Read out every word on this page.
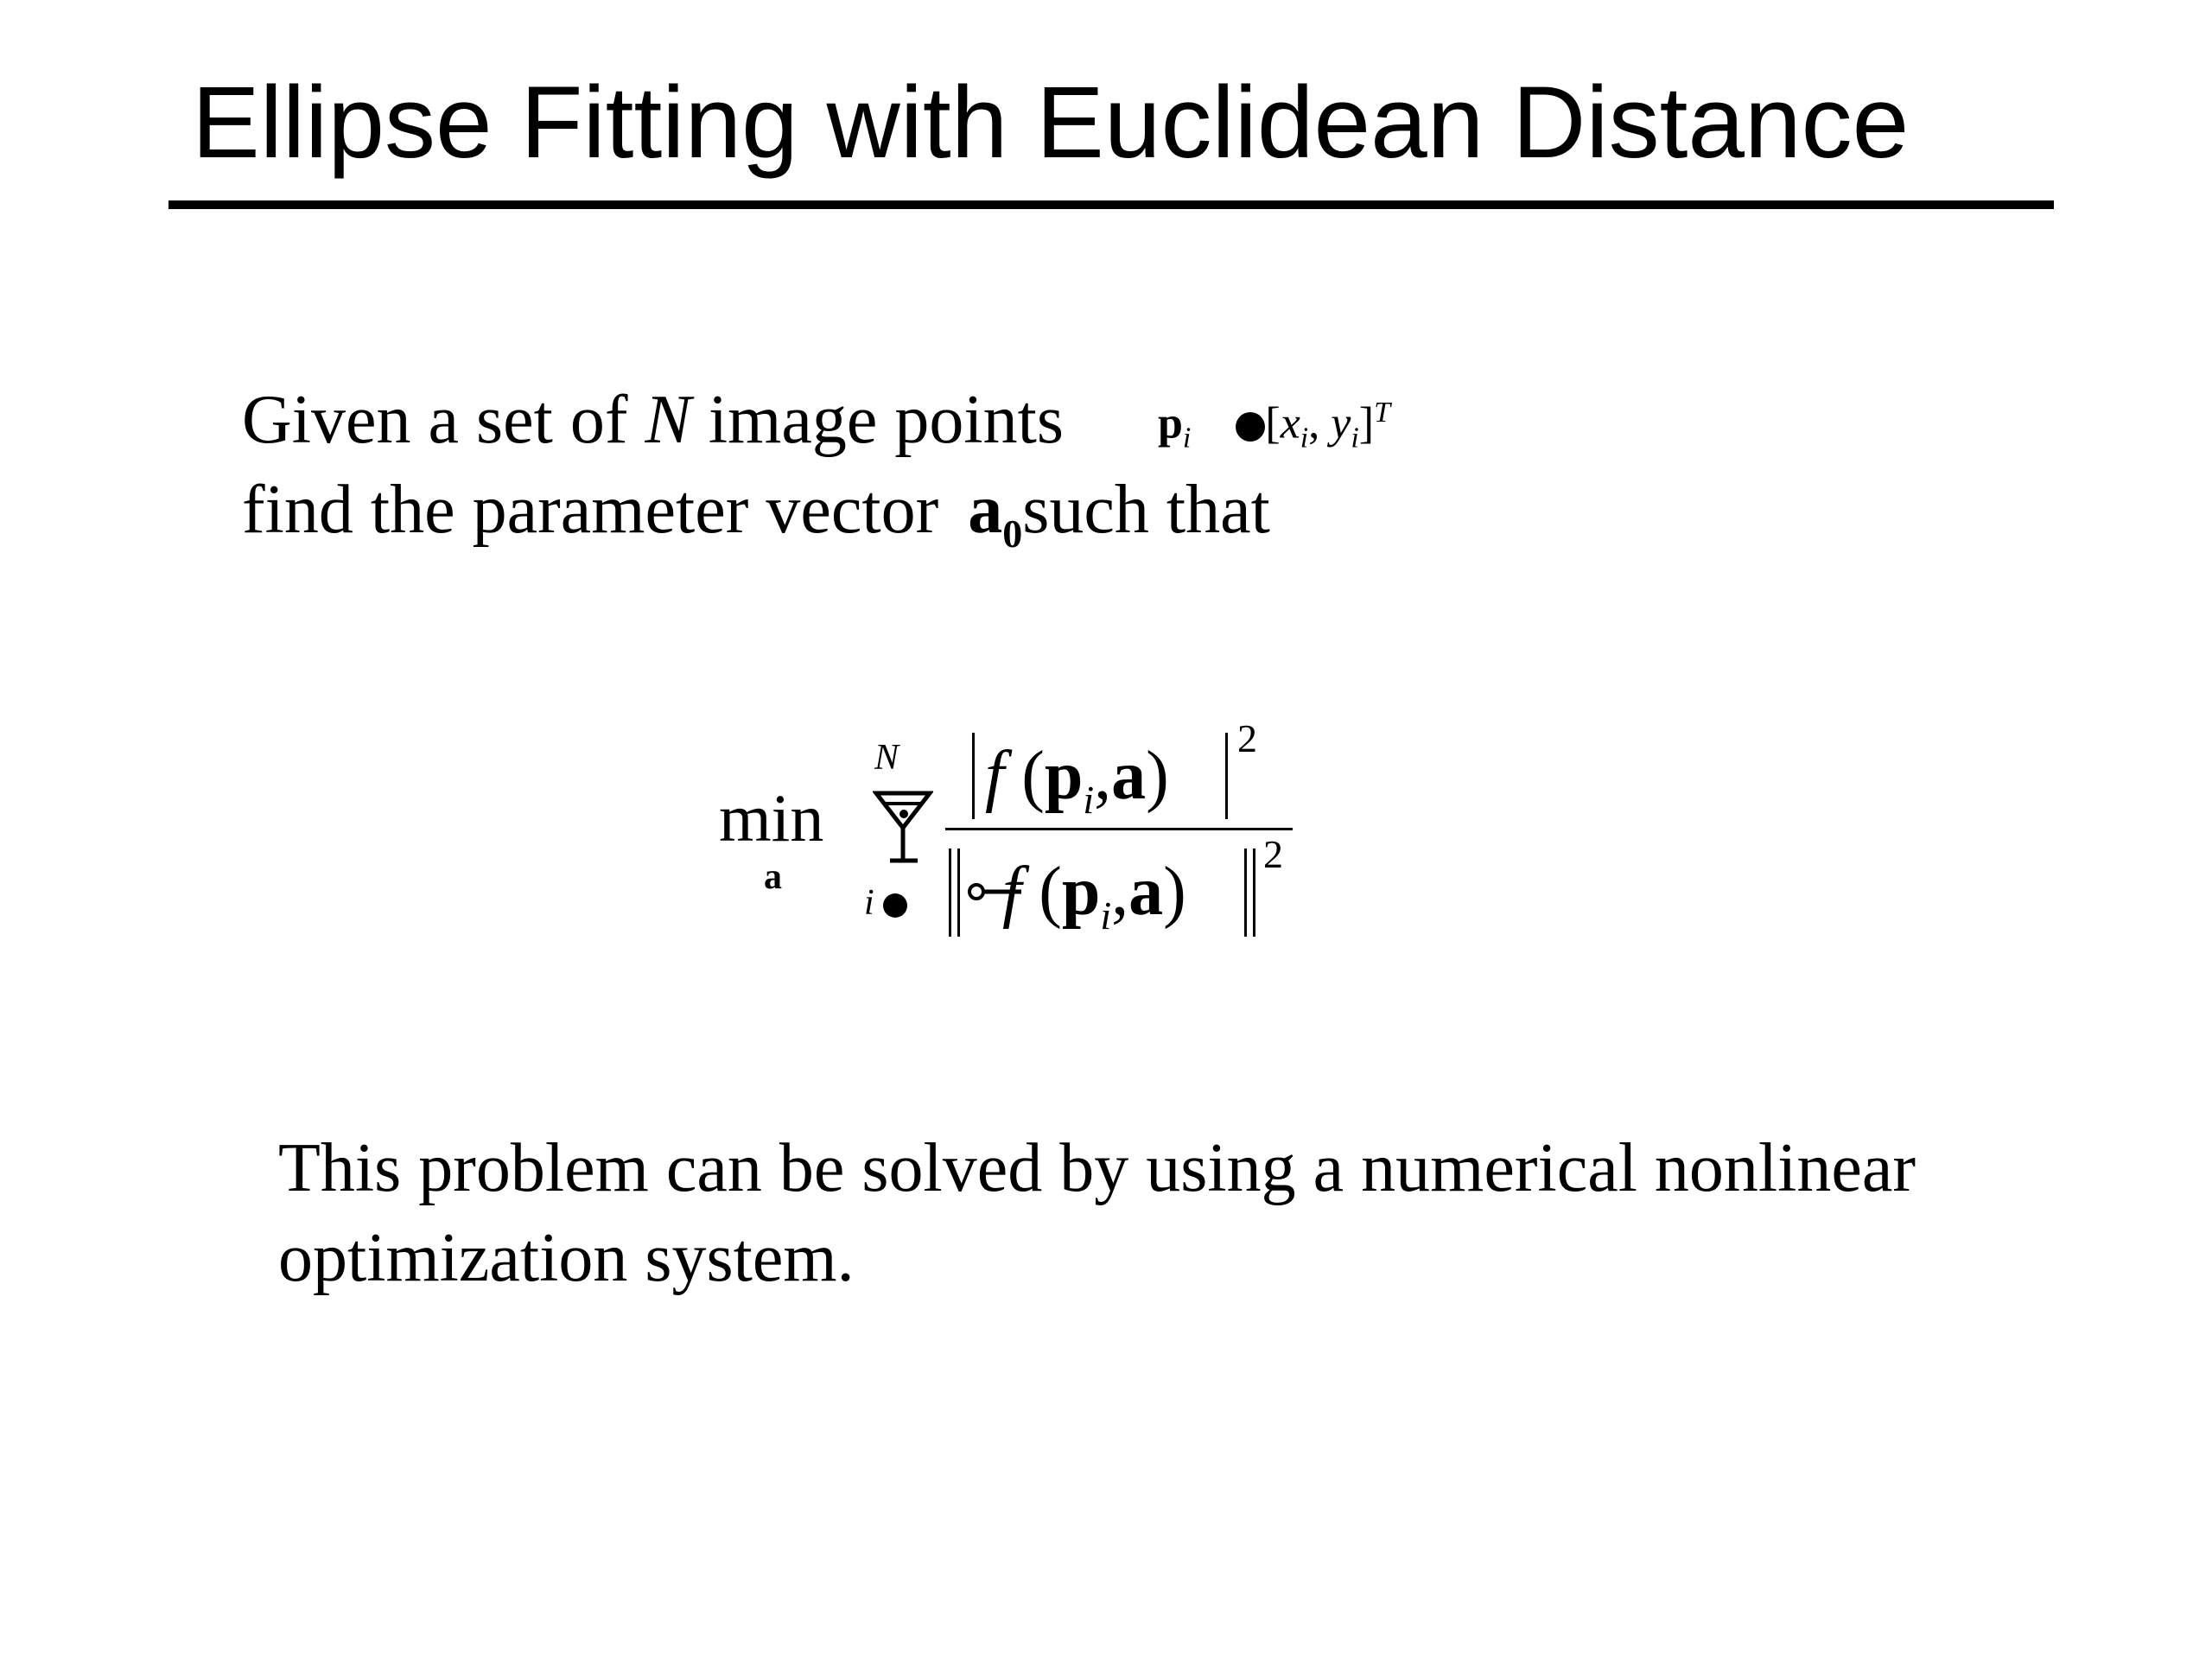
Ellipse Fitting with Euclidean Distance
Given a set of N image points $p_i$ [$x_i$, $y_i]^T$
find the parameter vector $a_0such$ that
min
a
N
i
f $(p_i,a)$ 2
f $(p_i,a)$ 2
This problem can be solved by using a numerical nonlinear
optimization system.
